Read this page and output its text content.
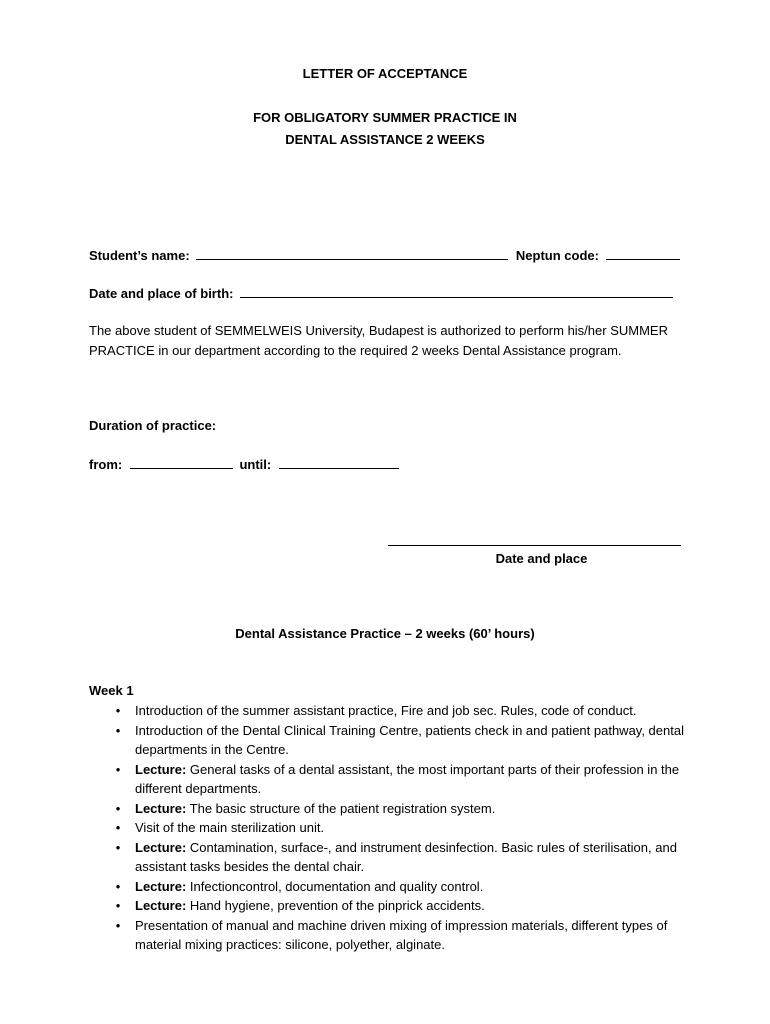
LETTER OF ACCEPTANCE
FOR OBLIGATORY SUMMER PRACTICE IN
DENTAL ASSISTANCE 2 WEEKS
Student’s name:	Neptun code:
Date and place of birth:
The above student of SEMMELWEIS University, Budapest is authorized to perform his/her SUMMER PRACTICE in our department according to the required 2 weeks Dental Assistance program.
Duration of practice:
from:	until:
Date and place
Dental Assistance Practice – 2 weeks (60’ hours)
Week 1
• Introduction of the summer assistant practice, Fire and job sec. Rules, code of conduct.
• Introduction of the Dental Clinical Training Centre, patients check in and patient pathway, dental departments in the Centre.
• Lecture: General tasks of a dental assistant, the most important parts of their profession in the different departments.
• Lecture: The basic structure of the patient registration system.
• Visit of the main sterilization unit.
• Lecture: Contamination, surface-, and instrument desinfection. Basic rules of sterilisation, and assistant tasks besides the dental chair.
• Lecture: Infectioncontrol, documentation and quality control.
• Lecture: Hand hygiene, prevention of the pinprick accidents.
• Presentation of manual and machine driven mixing of impression materials, different types of material mixing practices: silicone, polyether, alginate.
